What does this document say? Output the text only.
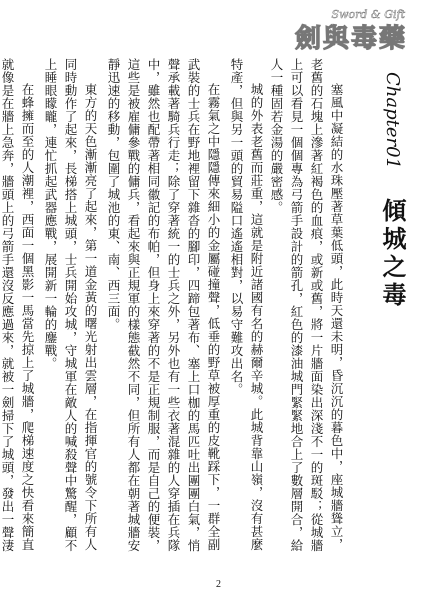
Sword & Gift
劍與毒藥
Chapter01 傾城之毒

塞風中凝結的水珠壓著草葉低頭，此時天還未明，昏沉沉的暮色中，座城牆聳立，老舊的石塊上滲著紅褐色的血痕，或新或舊，將一片牆面染出深淺不一的斑駁；從城牆上可以看見一個個專為弓箭手設計的箭孔，紅色的漆油城門緊緊地合上了數層開合，給人一種固若金湯的嚴密感。

城的外表老舊而莊重，這就是附近諸國有名的赫爾辛城。此城背靠山嶺，沒有甚麼特產，但與另一頭的貿易隘口遙遙相對，以易守難攻出名。

在霧氣之中隱隱傳來細小的金屬碰撞聲，低垂的野草被厚重的皮靴踩下，一群全副武裝的士兵在野地裡留下雜沓的腳印，四蹄包著布、塞上口枷的馬匹吐出團團白氣，悄聲承載著騎兵行走；除了穿著統一的士兵之外，另外也有一些衣著混雜的人穿插在兵隊中，雖然也配帶著相同徽記的布帕，但身上來穿著的不是正規制服，而是自己的便裝，這些是被雇傭參戰的傭兵，看起來與正規軍的樣態截然不同，但所有人都在朝著城牆安靜迅速的移動，包圍了城池的東、南、西三面。

東方的天色漸漸亮了起來，第一道金黃的曙光射出雲層，在指揮官的號令下所有人同時動作了起來，長梯搭上城頭，士兵開始攻城，守城軍在敵人的喊殺聲中驚醒，顧不上睡眼矇矓，連忙抓起武器應戰，展開新一輪的鏖戰。

在蜂擁而至的人潮裡，西面一個黑影一馬當先掠上了城牆，爬梯速度之快看來簡直就像是在牆上急奔，牆頭上的弓箭手還沒反應過來，就被一劍掃下了城頭，發出一聲淒

2
